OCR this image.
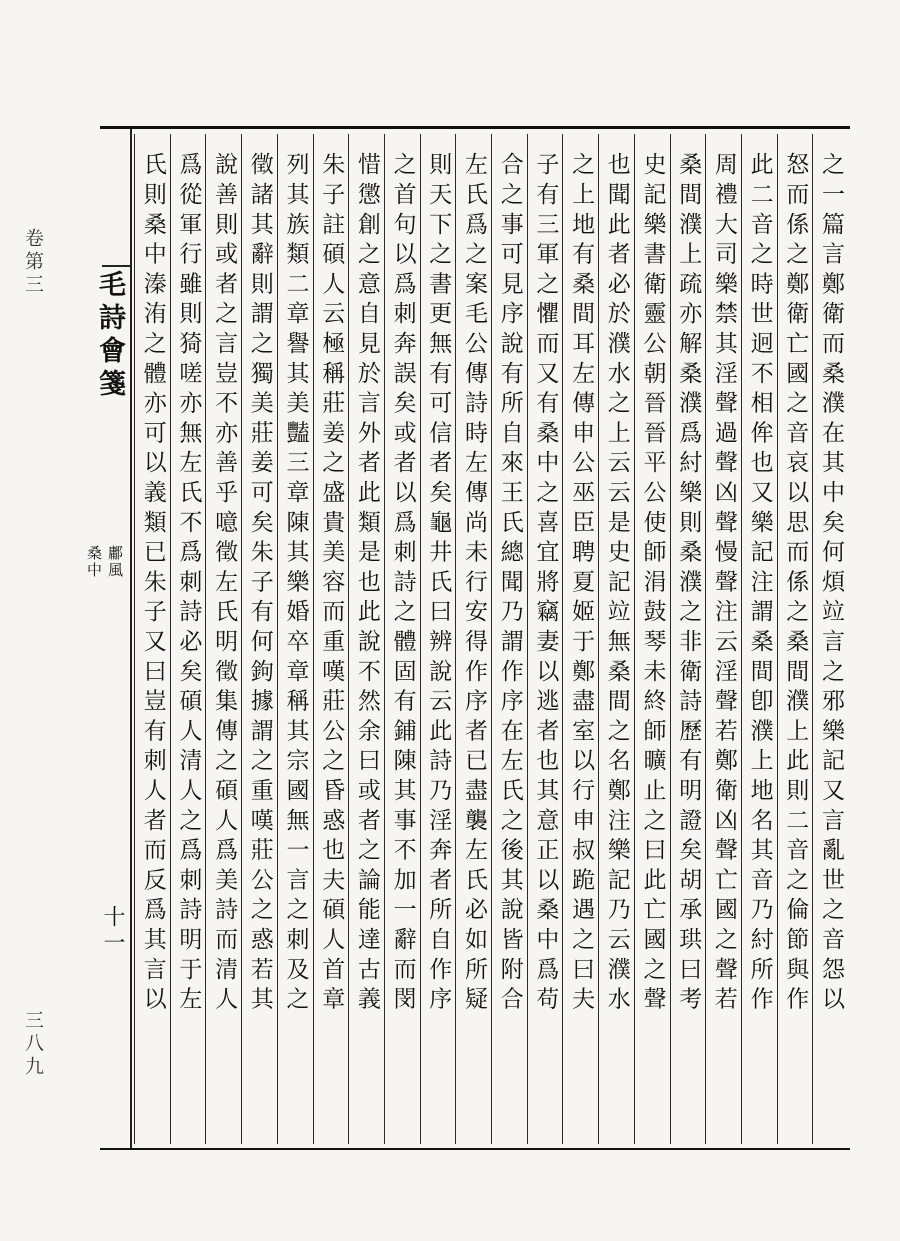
卷第三
三八九
毛詩會箋
鄘風
桑中
十一	之一篇言鄭衛而桑濮在其中矣何煩竝言之邪樂記又言亂世之音怨以
怒而係之鄭衛亡國之音哀以思而係之桑間濮上此則二音之倫節與作
此二音之時世迥不相侔也又樂記注謂桑間卽濮上地名其音乃紂所作
周禮大司樂禁其淫聲過聲凶聲慢聲注云淫聲若鄭衛凶聲亡國之聲若
桑間濮上疏亦解桑濮爲紂樂則桑濮之非衛詩歷有明證矣胡承珙曰考
史記樂書衛靈公朝晉晉平公使師涓鼓琴未終師曠止之曰此亡國之聲
也聞此者必於濮水之上云云是史記竝無桑間之名鄭注樂記乃云濮水
之上地有桑間耳左傳申公巫臣聘夏姬于鄭盡室以行申叔跪遇之曰夫
子有三軍之懼而又有桑中之喜宜將竊妻以逃者也其意正以桑中爲苟
合之事可見序說有所自來王氏總聞乃謂作序在左氏之後其說皆附合
左氏爲之案毛公傳詩時左傳尚未行安得作序者已盡襲左氏必如所疑
則天下之書更無有可信者矣龜井氏曰辨說云此詩乃淫奔者所自作序
之首句以爲刺奔誤矣或者以爲刺詩之體固有鋪陳其事不加一辭而閔
惜懲創之意自見於言外者此類是也此說不然余曰或者之論能達古義
朱子註碩人云極稱莊姜之盛貴美容而重嘆莊公之昏惑也夫碩人首章
列其族類二章譽其美豔三章陳其樂婚卒章稱其宗國無一言之刺及之
徵諸其辭則謂之獨美莊姜可矣朱子有何鉤據謂之重嘆莊公之惑若其
說善則或者之言豈不亦善乎噫徵左氏明徵集傳之碩人爲美詩而清人
爲從軍行雖則猗嗟亦無左氏不爲刺詩必矣碩人清人之爲刺詩明于左
氏則桑中溱洧之體亦可以義類已朱子又曰豈有刺人者而反爲其言以
